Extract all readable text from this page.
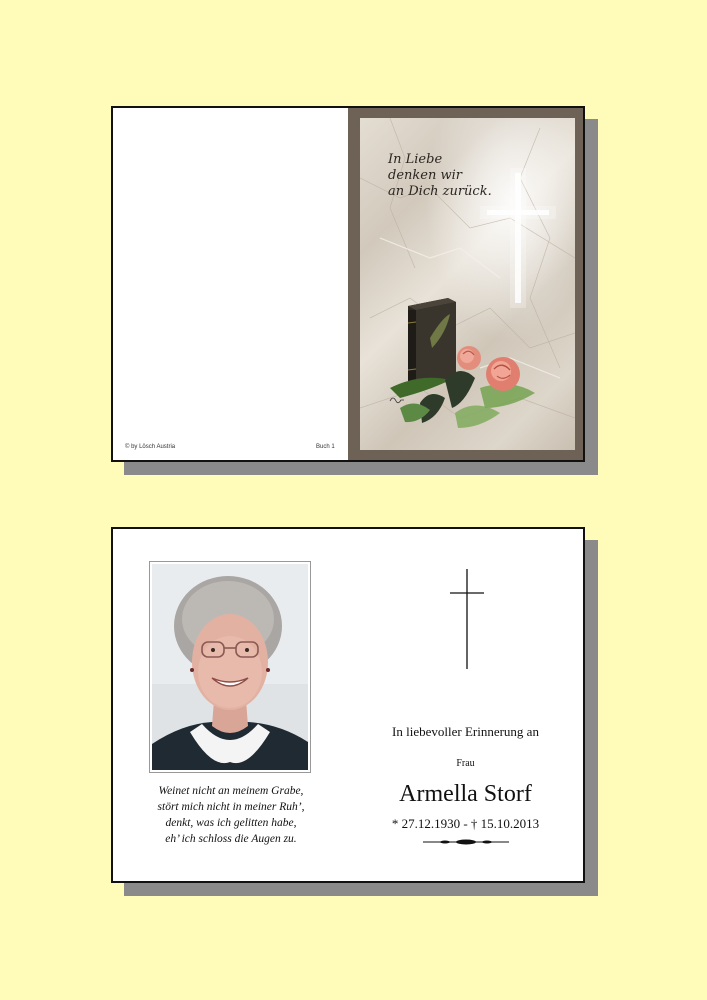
© by Lösch Austria	Buch 1
In Liebe
denken wir
an Dich zurück.
Weinet nicht an meinem Grabe,
stört mich nicht in meiner Ruh’,
denkt, was ich gelitten habe,
eh’ ich schloss die Augen zu.
In liebevoller Erinnerung an
Frau
Armella Storf
* 27.12.1930 - † 15.10.2013
